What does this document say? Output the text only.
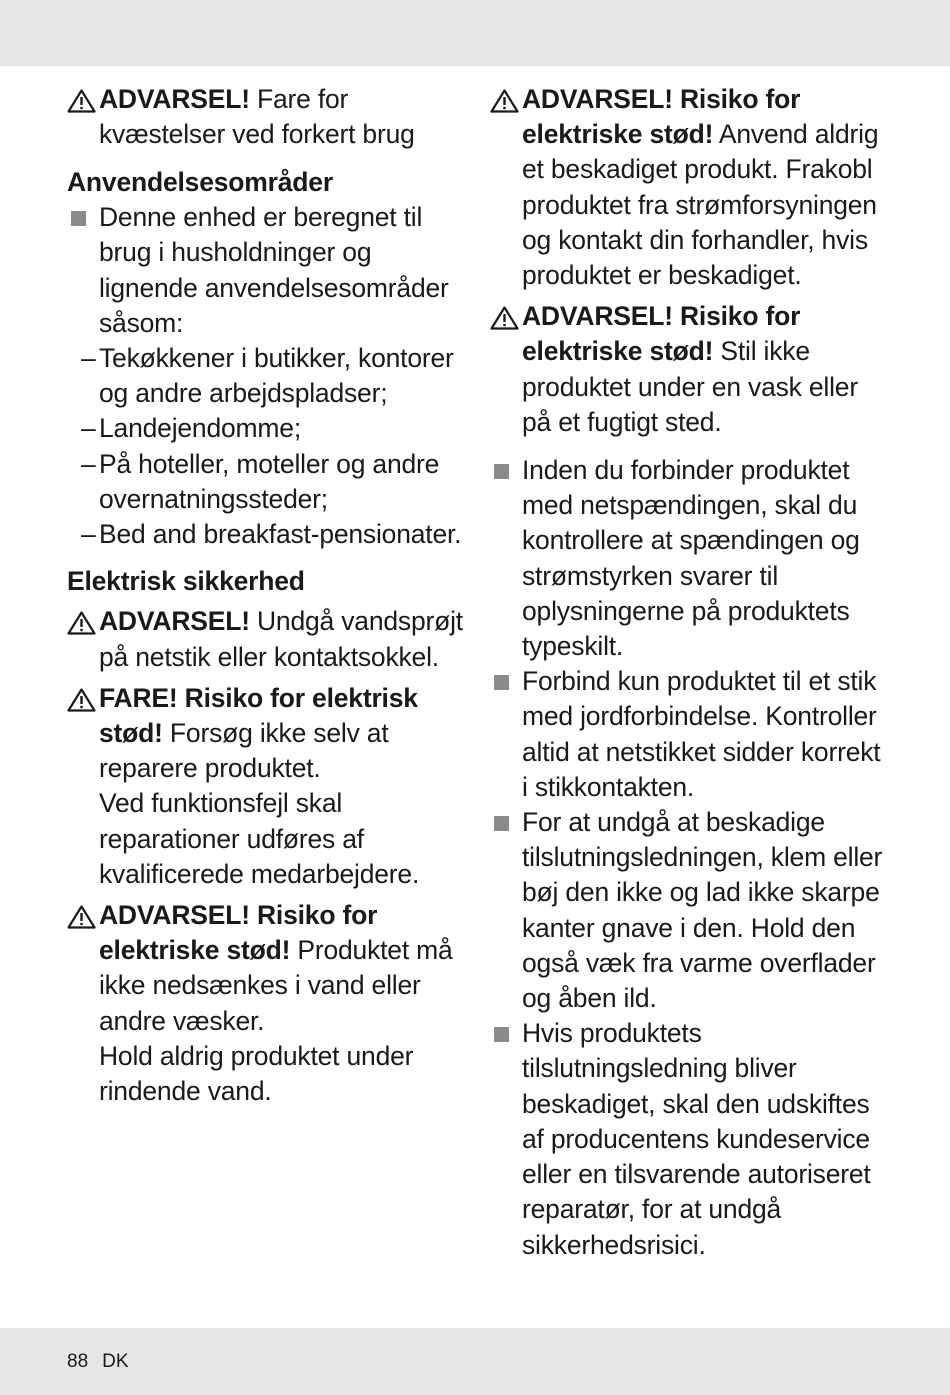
ADVARSEL! Fare for kvæstelser ved forkert brug
Anvendelsesområder
Denne enhed er beregnet til brug i husholdninger og lignende anvendelsesområder såsom:
– Tekøkkener i butikker, kontorer og andre arbejdspladser;
– Landejendomme;
– På hoteller, moteller og andre overnatningssteder;
– Bed and breakfast-pensionater.
Elektrisk sikkerhed
ADVARSEL! Undgå vandsprøjt på netstik eller kontaktsokkel.
FARE! Risiko for elektrisk stød! Forsøg ikke selv at reparere produktet.
Ved funktionsfejl skal reparationer udføres af kvalificerede medarbejdere.
ADVARSEL! Risiko for elektriske stød! Produktet må ikke nedsænkes i vand eller andre væsker.
Hold aldrig produktet under rindende vand.
ADVARSEL! Risiko for elektriske stød! Anvend aldrig et beskadiget produkt. Frakobl produktet fra strømforsyningen og kontakt din forhandler, hvis produktet er beskadiget.
ADVARSEL! Risiko for elektriske stød! Stil ikke produktet under en vask eller på et fugtigt sted.
Inden du forbinder produktet med netspændingen, skal du kontrollere at spændingen og strømstyrken svarer til oplysningerne på produktets typeskilt.
Forbind kun produktet til et stik med jordforbindelse. Kontroller altid at netstikket sidder korrekt i stikkontakten.
For at undgå at beskadige tilslutningsledningen, klem eller bøj den ikke og lad ikke skarpe kanter gnave i den. Hold den også væk fra varme overflader og åben ild.
Hvis produktets tilslutningsledning bliver beskadiget, skal den udskiftes af producentens kundeservice eller en tilsvarende autoriseret reparatør, for at undgå sikkerhedsrisici.
88 DK
